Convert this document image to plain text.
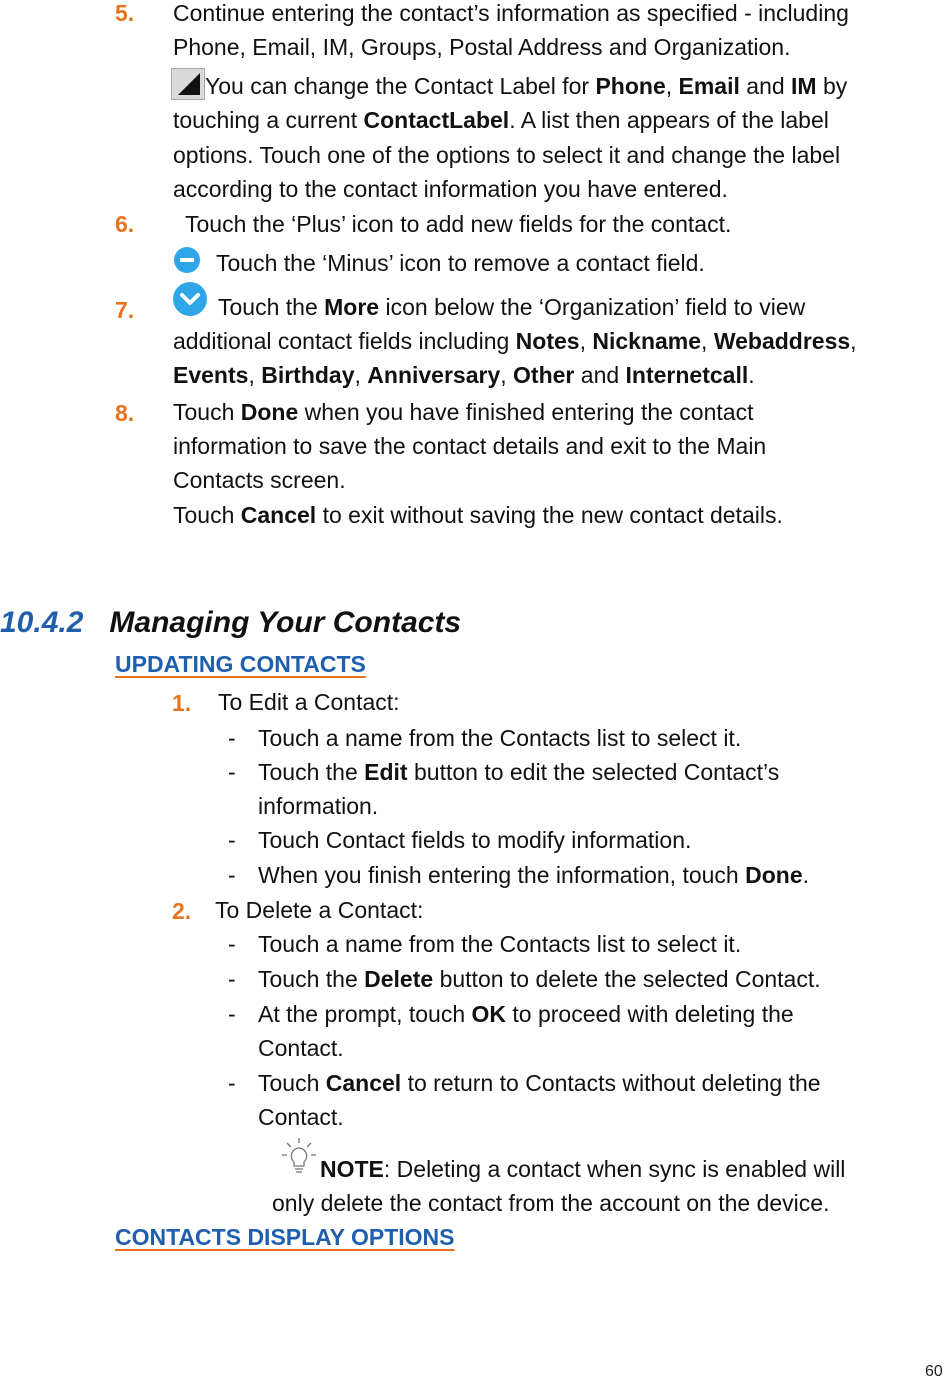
5. Continue entering the contact’s information as specified - including
Phone, Email, IM, Groups, Postal Address and Organization.
You can change the Contact Label for Phone, Email and IM by
touching a current ContactLabel. A list then appears of the label
options. Touch one of the options to select it and change the label
according to the contact information you have entered.
6. Touch the ‘Plus’ icon to add new fields for the contact.
Touch the ‘Minus’ icon to remove a contact field.
7.	Touch the More icon below the ‘Organization’ field to view
additional contact fields including Notes, Nickname, Webaddress,
Events, Birthday, Anniversary, Other and Internetcall.
8. Touch Done when you have finished entering the contact
information to save the contact details and exit to the Main
Contacts screen.
Touch Cancel to exit without saving the new contact details.
10.4.2 Managing Your Contacts
UPDATING CONTACTS
1. To Edit a Contact:
- Touch a name from the Contacts list to select it.
- Touch the Edit button to edit the selected Contact’s
information.
- Touch Contact fields to modify information.
- When you finish entering the information, touch Done.
2. To Delete a Contact:
- Touch a name from the Contacts list to select it.
- Touch the Delete button to delete the selected Contact.
- At the prompt, touch OK to proceed with deleting the
Contact.
- Touch Cancel to return to Contacts without deleting the
Contact.
NOTE: Deleting a contact when sync is enabled will
only delete the contact from the account on the device.
CONTACTS DISPLAY OPTIONS
60
